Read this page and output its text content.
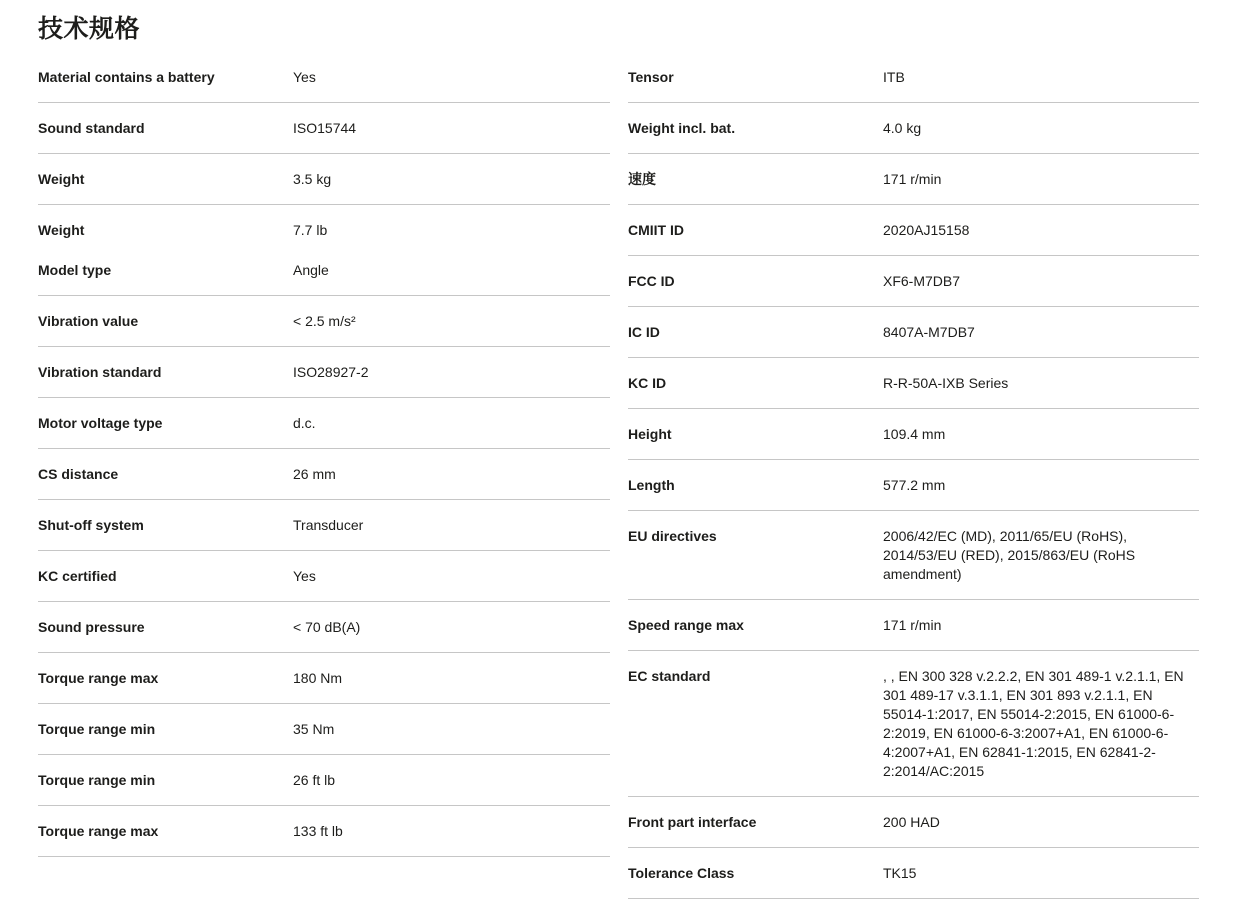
技术规格
Material contains a battery	Yes
Sound standard	ISO15744
Weight	3.5 kg
Weight	7.7 lb
Model type	Angle
Vibration value	< 2.5 m/s²
Vibration standard	ISO28927-2
Motor voltage type	d.c.
CS distance	26 mm
Shut-off system	Transducer
KC certified	Yes
Sound pressure	< 70 dB(A)
Torque range max	180 Nm
Torque range min	35 Nm
Torque range min	26 ft lb
Torque range max	133 ft lb
Tensor	ITB
Weight incl. bat.	4.0 kg
速度	171 r/min
CMIIT ID	2020AJ15158
FCC ID	XF6-M7DB7
IC ID	8407A-M7DB7
KC ID	R-R-50A-IXB Series
Height	109.4 mm
Length	577.2 mm
EU directives	2006/42/EC (MD), 2011/65/EU (RoHS), 2014/53/EU (RED), 2015/863/EU (RoHS amendment)
Speed range max	171 r/min
EC standard	, , EN 300 328 v.2.2.2, EN 301 489-1 v.2.1.1, EN 301 489-17 v.3.1.1, EN 301 893 v.2.1.1, EN 55014-1:2017, EN 55014-2:2015, EN 61000-6-2:2019, EN 61000-6-3:2007+A1, EN 61000-6-4:2007+A1, EN 62841-1:2015, EN 62841-2-2:2014/AC:2015
Front part interface	200 HAD
Tolerance Class	TK15
